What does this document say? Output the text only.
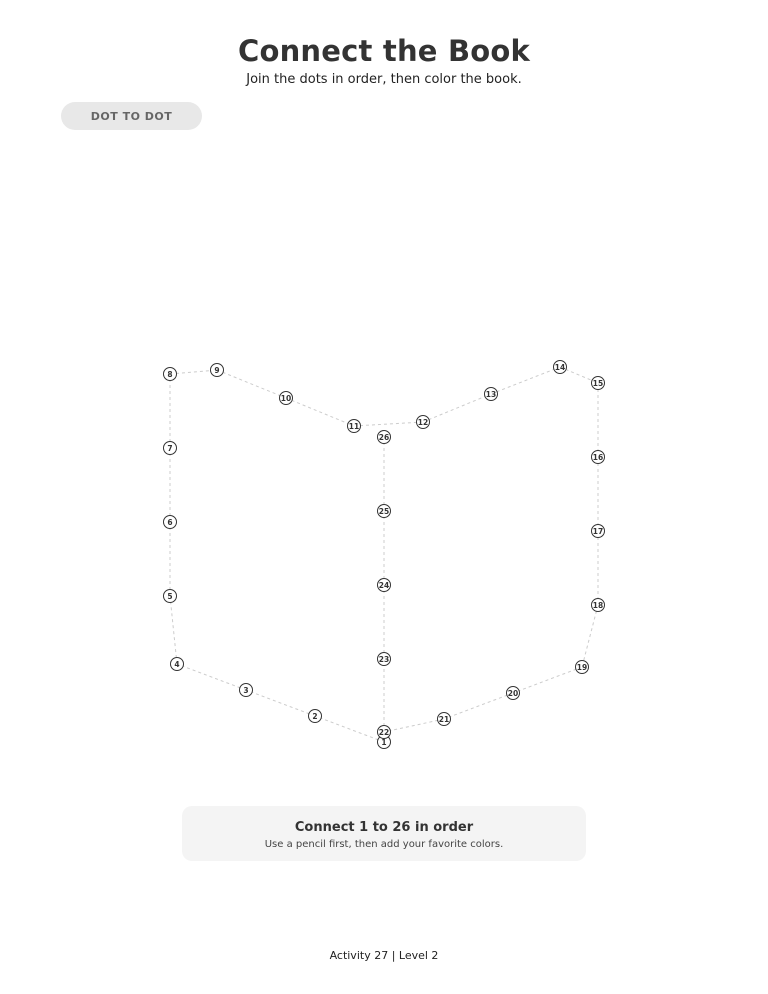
Connect the Book
Join the dots in order, then color the book.
DOT TO DOT
1
2
3
4
5
6
7
8	9
10
11	12
13
14
15
16
17
18
19
20
21
22
23
24
25
26
Connect 1 to 26 in order
Use a pencil first, then add your favorite colors.
Activity 27 | Level 2
